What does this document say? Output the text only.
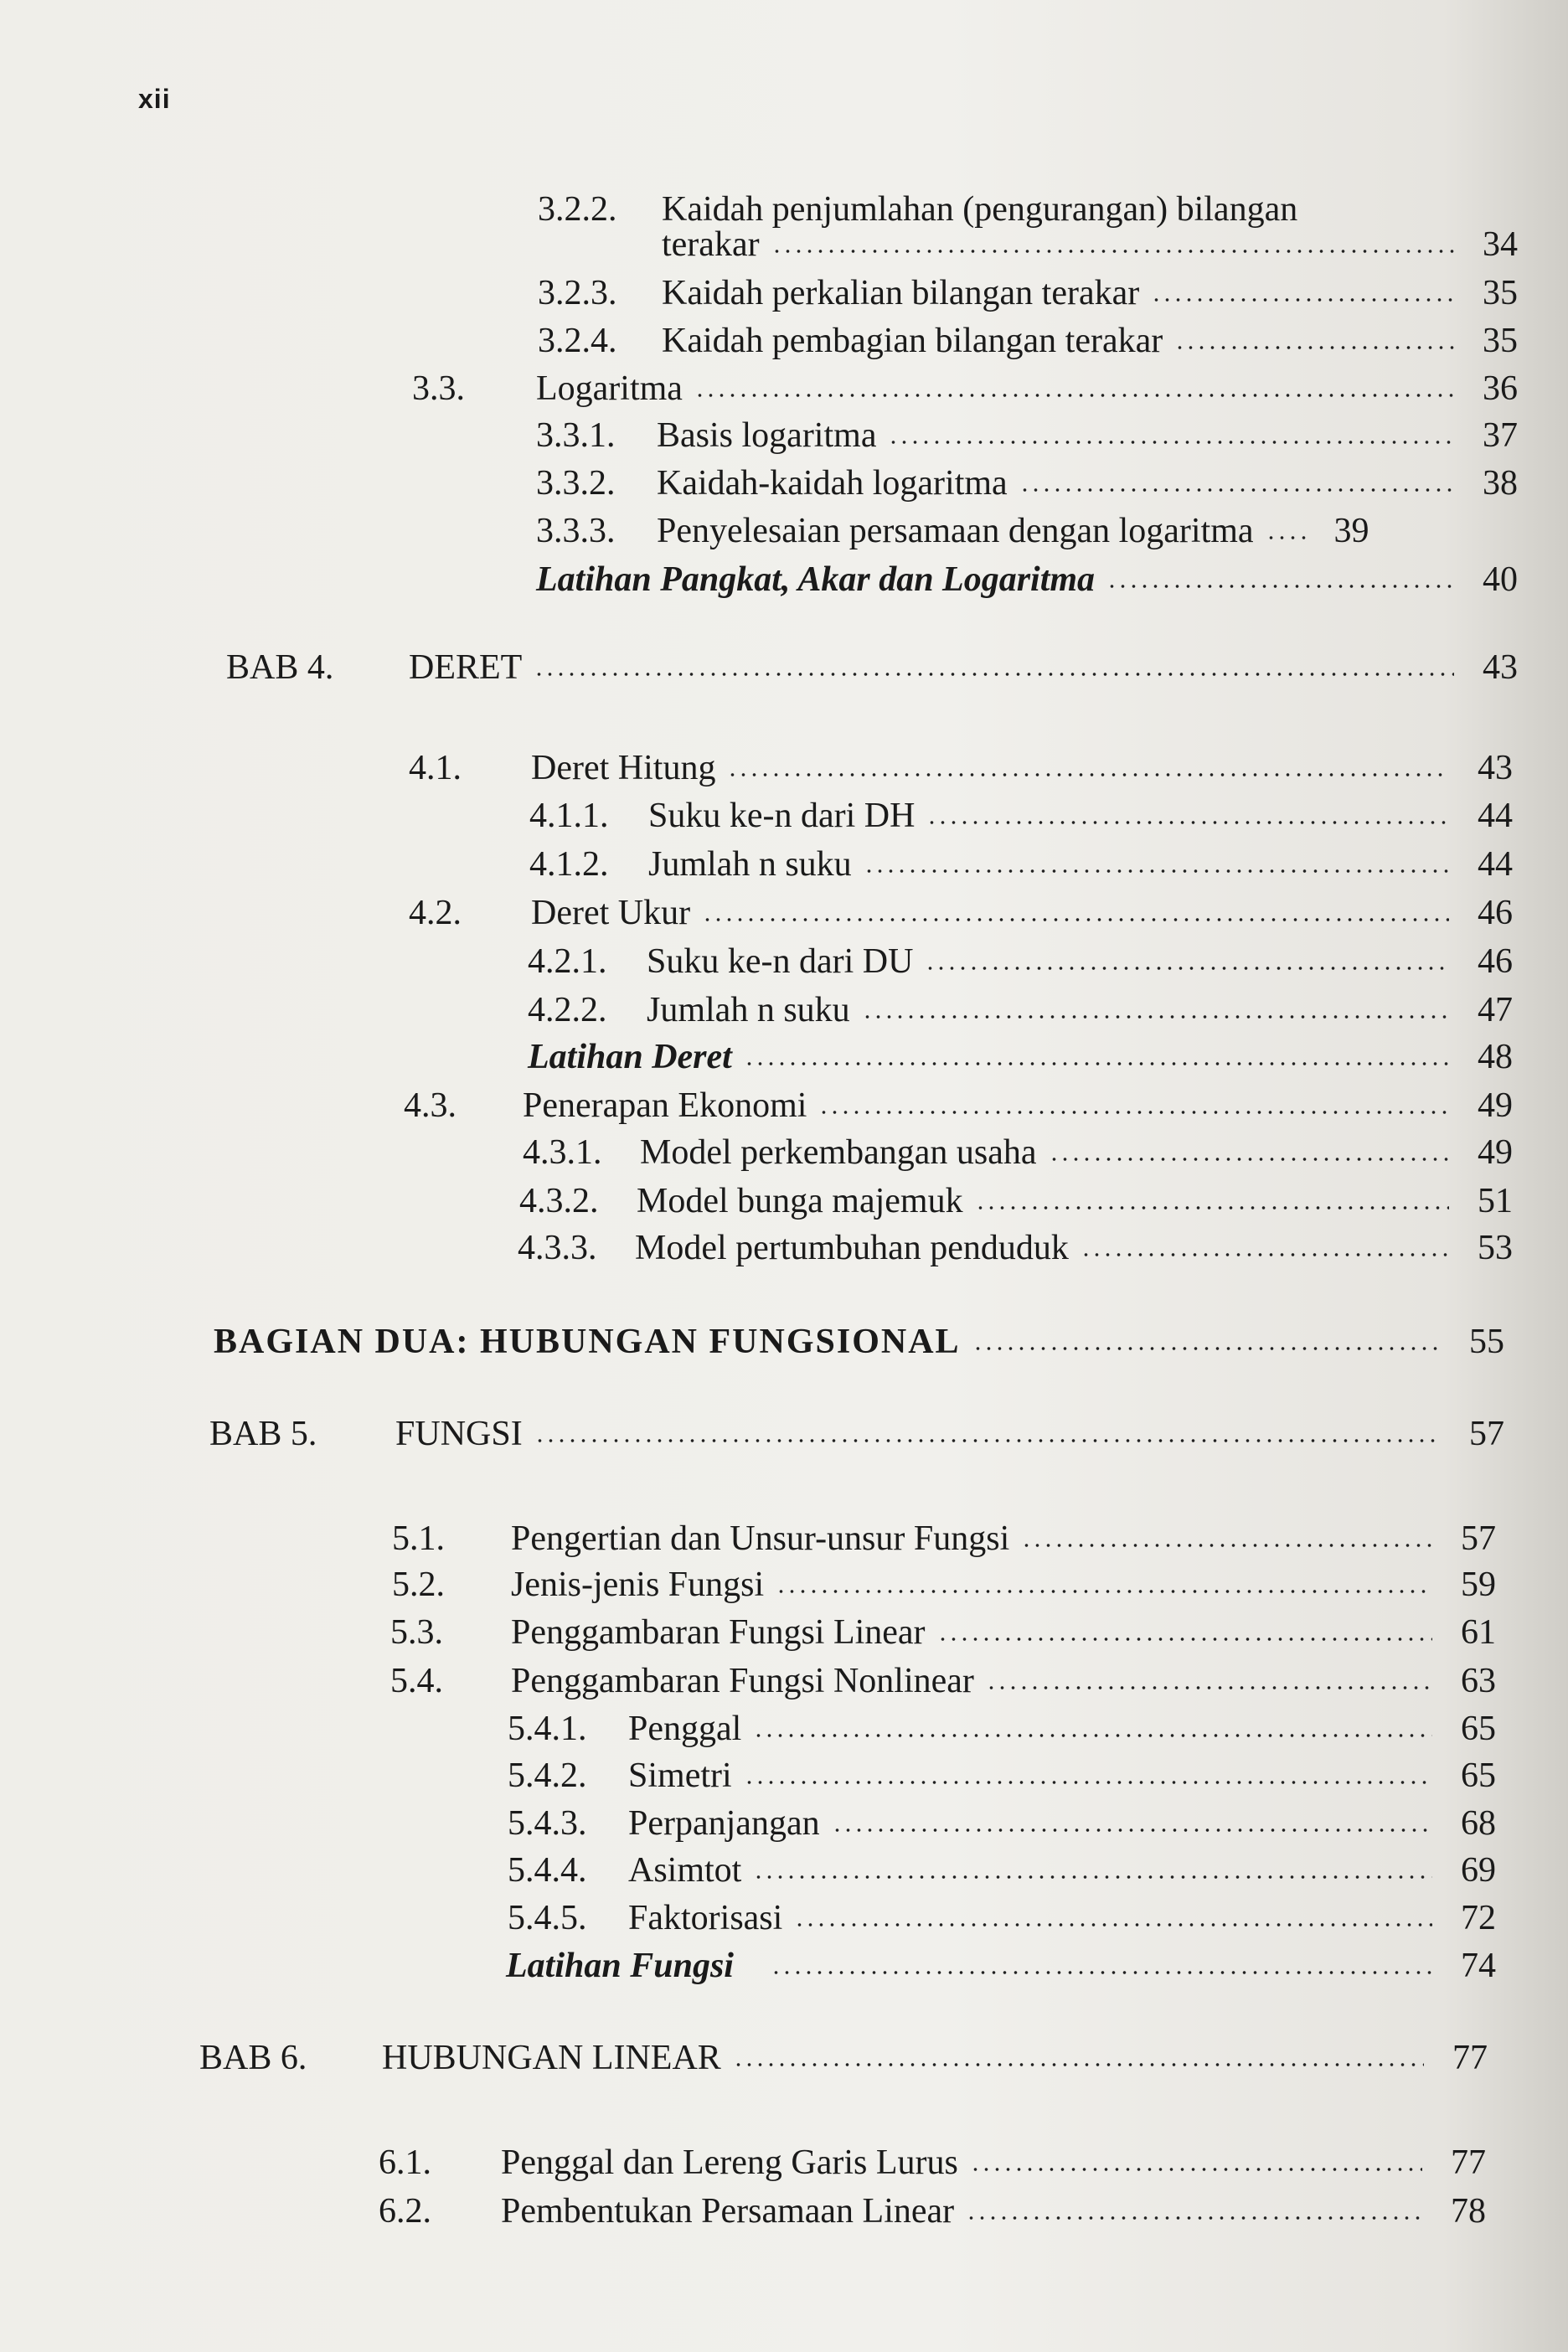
xii
3.2.2. Kaidah penjumlahan (pengurangan) bilangan
terakar	34
3.2.3.	Kaidah perkalian bilangan terakar	35
3.2.4.	Kaidah pembagian bilangan terakar	35
3.3.	Logaritma	36
3.3.1.	Basis logaritma	37
3.3.2.	Kaidah-kaidah logaritma	38
3.3.3.	Penyelesaian persamaan dengan logaritma	39
Latihan Pangkat, Akar dan Logaritma	40
BAB 4.	DERET	43
4.1.	Deret Hitung	43
4.1.1.	Suku ke-n dari DH	44
4.1.2.	Jumlah n suku	44
4.2.	Deret Ukur	46
4.2.1.	Suku ke-n dari DU	46
4.2.2.	Jumlah n suku	47
Latihan Deret	48
4.3.	Penerapan Ekonomi	49
4.3.1.	Model perkembangan usaha	49
4.3.2.	Model bunga majemuk	51
4.3.3.	Model pertumbuhan penduduk	53
BAGIAN DUA: HUBUNGAN FUNGSIONAL	55
BAB 5.	FUNGSI	57
5.1.	Pengertian dan Unsur-unsur Fungsi	57
5.2.	Jenis-jenis Fungsi	59
5.3.	Penggambaran Fungsi Linear	61
5.4.	Penggambaran Fungsi Nonlinear	63
5.4.1.	Penggal	65
5.4.2.	Simetri	65
5.4.3.	Perpanjangan	68
5.4.4.	Asimtot	69
5.4.5.	Faktorisasi	72
Latihan Fungsi	74
BAB 6.	HUBUNGAN LINEAR	77
6.1.	Penggal dan Lereng Garis Lurus	77
6.2.	Pembentukan Persamaan Linear	78
